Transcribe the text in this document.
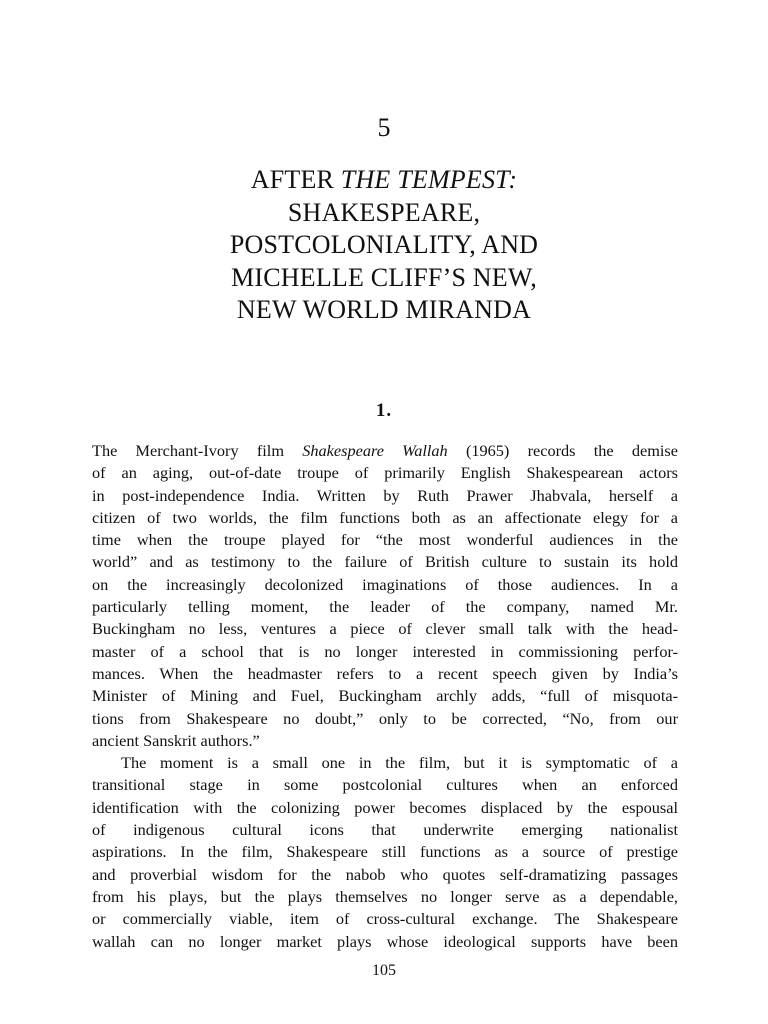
5
AFTER THE TEMPEST:
SHAKESPEARE,
POSTCOLONIALITY, AND
MICHELLE CLIFF’S NEW,
NEW WORLD MIRANDA
1.
The Merchant-Ivory film Shakespeare Wallah (1965) records the demise
of an aging, out-of-date troupe of primarily English Shakespearean actors
in post-independence India. Written by Ruth Prawer Jhabvala, herself a
citizen of two worlds, the film functions both as an affectionate elegy for a
time when the troupe played for “the most wonderful audiences in the
world” and as testimony to the failure of British culture to sustain its hold
on the increasingly decolonized imaginations of those audiences. In a
particularly telling moment, the leader of the company, named Mr.
Buckingham no less, ventures a piece of clever small talk with the head-
master of a school that is no longer interested in commissioning perfor-
mances. When the headmaster refers to a recent speech given by India’s
Minister of Mining and Fuel, Buckingham archly adds, “full of misquota-
tions from Shakespeare no doubt,” only to be corrected, “No, from our
ancient Sanskrit authors.”
The moment is a small one in the film, but it is symptomatic of a
transitional stage in some postcolonial cultures when an enforced
identification with the colonizing power becomes displaced by the espousal
of indigenous cultural icons that underwrite emerging nationalist
aspirations. In the film, Shakespeare still functions as a source of prestige
and proverbial wisdom for the nabob who quotes self-dramatizing passages
from his plays, but the plays themselves no longer serve as a dependable,
or commercially viable, item of cross-cultural exchange. The Shakespeare
wallah can no longer market plays whose ideological supports have been
105
